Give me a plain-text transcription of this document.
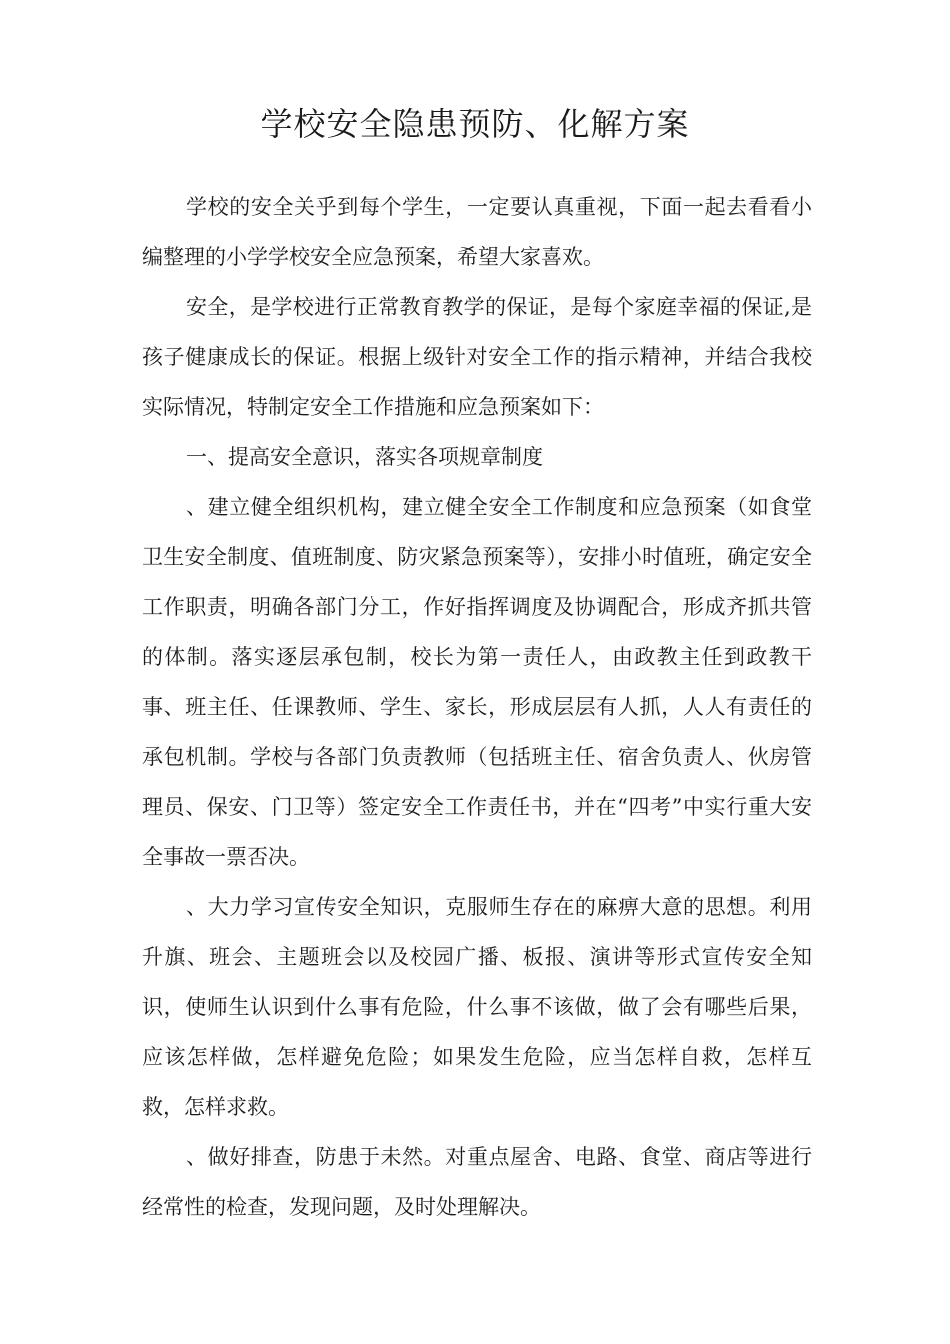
学校安全隐患预防、化解方案

学校的安全关乎到每个学生，一定要认真重视，下面一起去看看小编整理的小学学校安全应急预案，希望大家喜欢。

安全，是学校进行正常教育教学的保证，是每个家庭幸福的保证,是孩子健康成长的保证。根据上级针对安全工作的指示精神，并结合我校实际情况，特制定安全工作措施和应急预案如下：

一、提高安全意识，落实各项规章制度

、建立健全组织机构，建立健全安全工作制度和应急预案（如食堂卫生安全制度、值班制度、防灾紧急预案等），安排小时值班，确定安全工作职责，明确各部门分工，作好指挥调度及协调配合，形成齐抓共管的体制。落实逐层承包制，校长为第一责任人，由政教主任到政教干事、班主任、任课教师、学生、家长，形成层层有人抓，人人有责任的承包机制。学校与各部门负责教师（包括班主任、宿舍负责人、伙房管理员、保安、门卫等）签定安全工作责任书，并在“四考”中实行重大安全事故一票否决。

、大力学习宣传安全知识，克服师生存在的麻痹大意的思想。利用升旗、班会、主题班会以及校园广播、板报、演讲等形式宣传安全知识，使师生认识到什么事有危险，什么事不该做，做了会有哪些后果，应该怎样做，怎样避免危险；如果发生危险，应当怎样自救，怎样互救，怎样求救。

、做好排查，防患于未然。对重点屋舍、电路、食堂、商店等进行经常性的检查，发现问题，及时处理解决。
